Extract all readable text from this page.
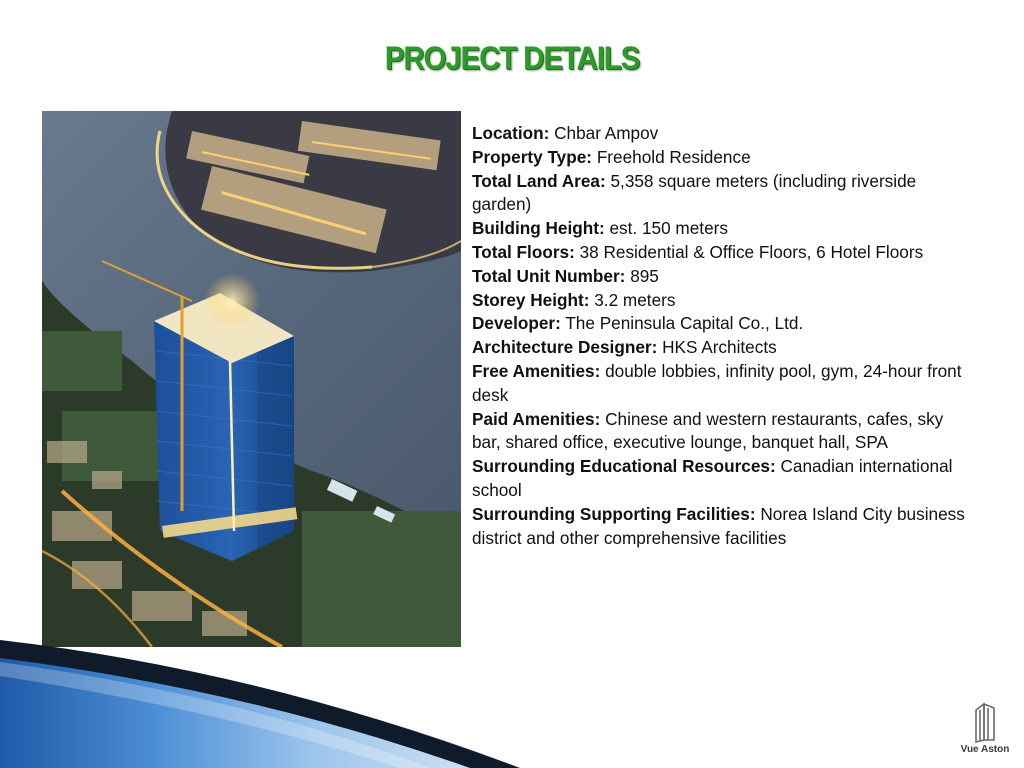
PROJECT DETAILS

Location: Chbar Ampov

Property Type: Freehold Residence

Total Land Area: 5,358 square meters (including riverside garden)

Building Height: est. 150 meters

Total Floors: 38 Residential & Office Floors, 6 Hotel Floors

Total Unit Number: 895

Storey Height: 3.2 meters

Developer: The Peninsula Capital Co., Ltd.

Architecture Designer: HKS Architects

Free Amenities: double lobbies, infinity pool, gym, 24-hour front desk

Paid Amenities: Chinese and western restaurants, cafes, sky bar, shared office, executive lounge, banquet hall, SPA

Surrounding Educational Resources: Canadian international school

Surrounding Supporting Facilities: Norea Island City business district and other comprehensive facilities

Vue Aston
